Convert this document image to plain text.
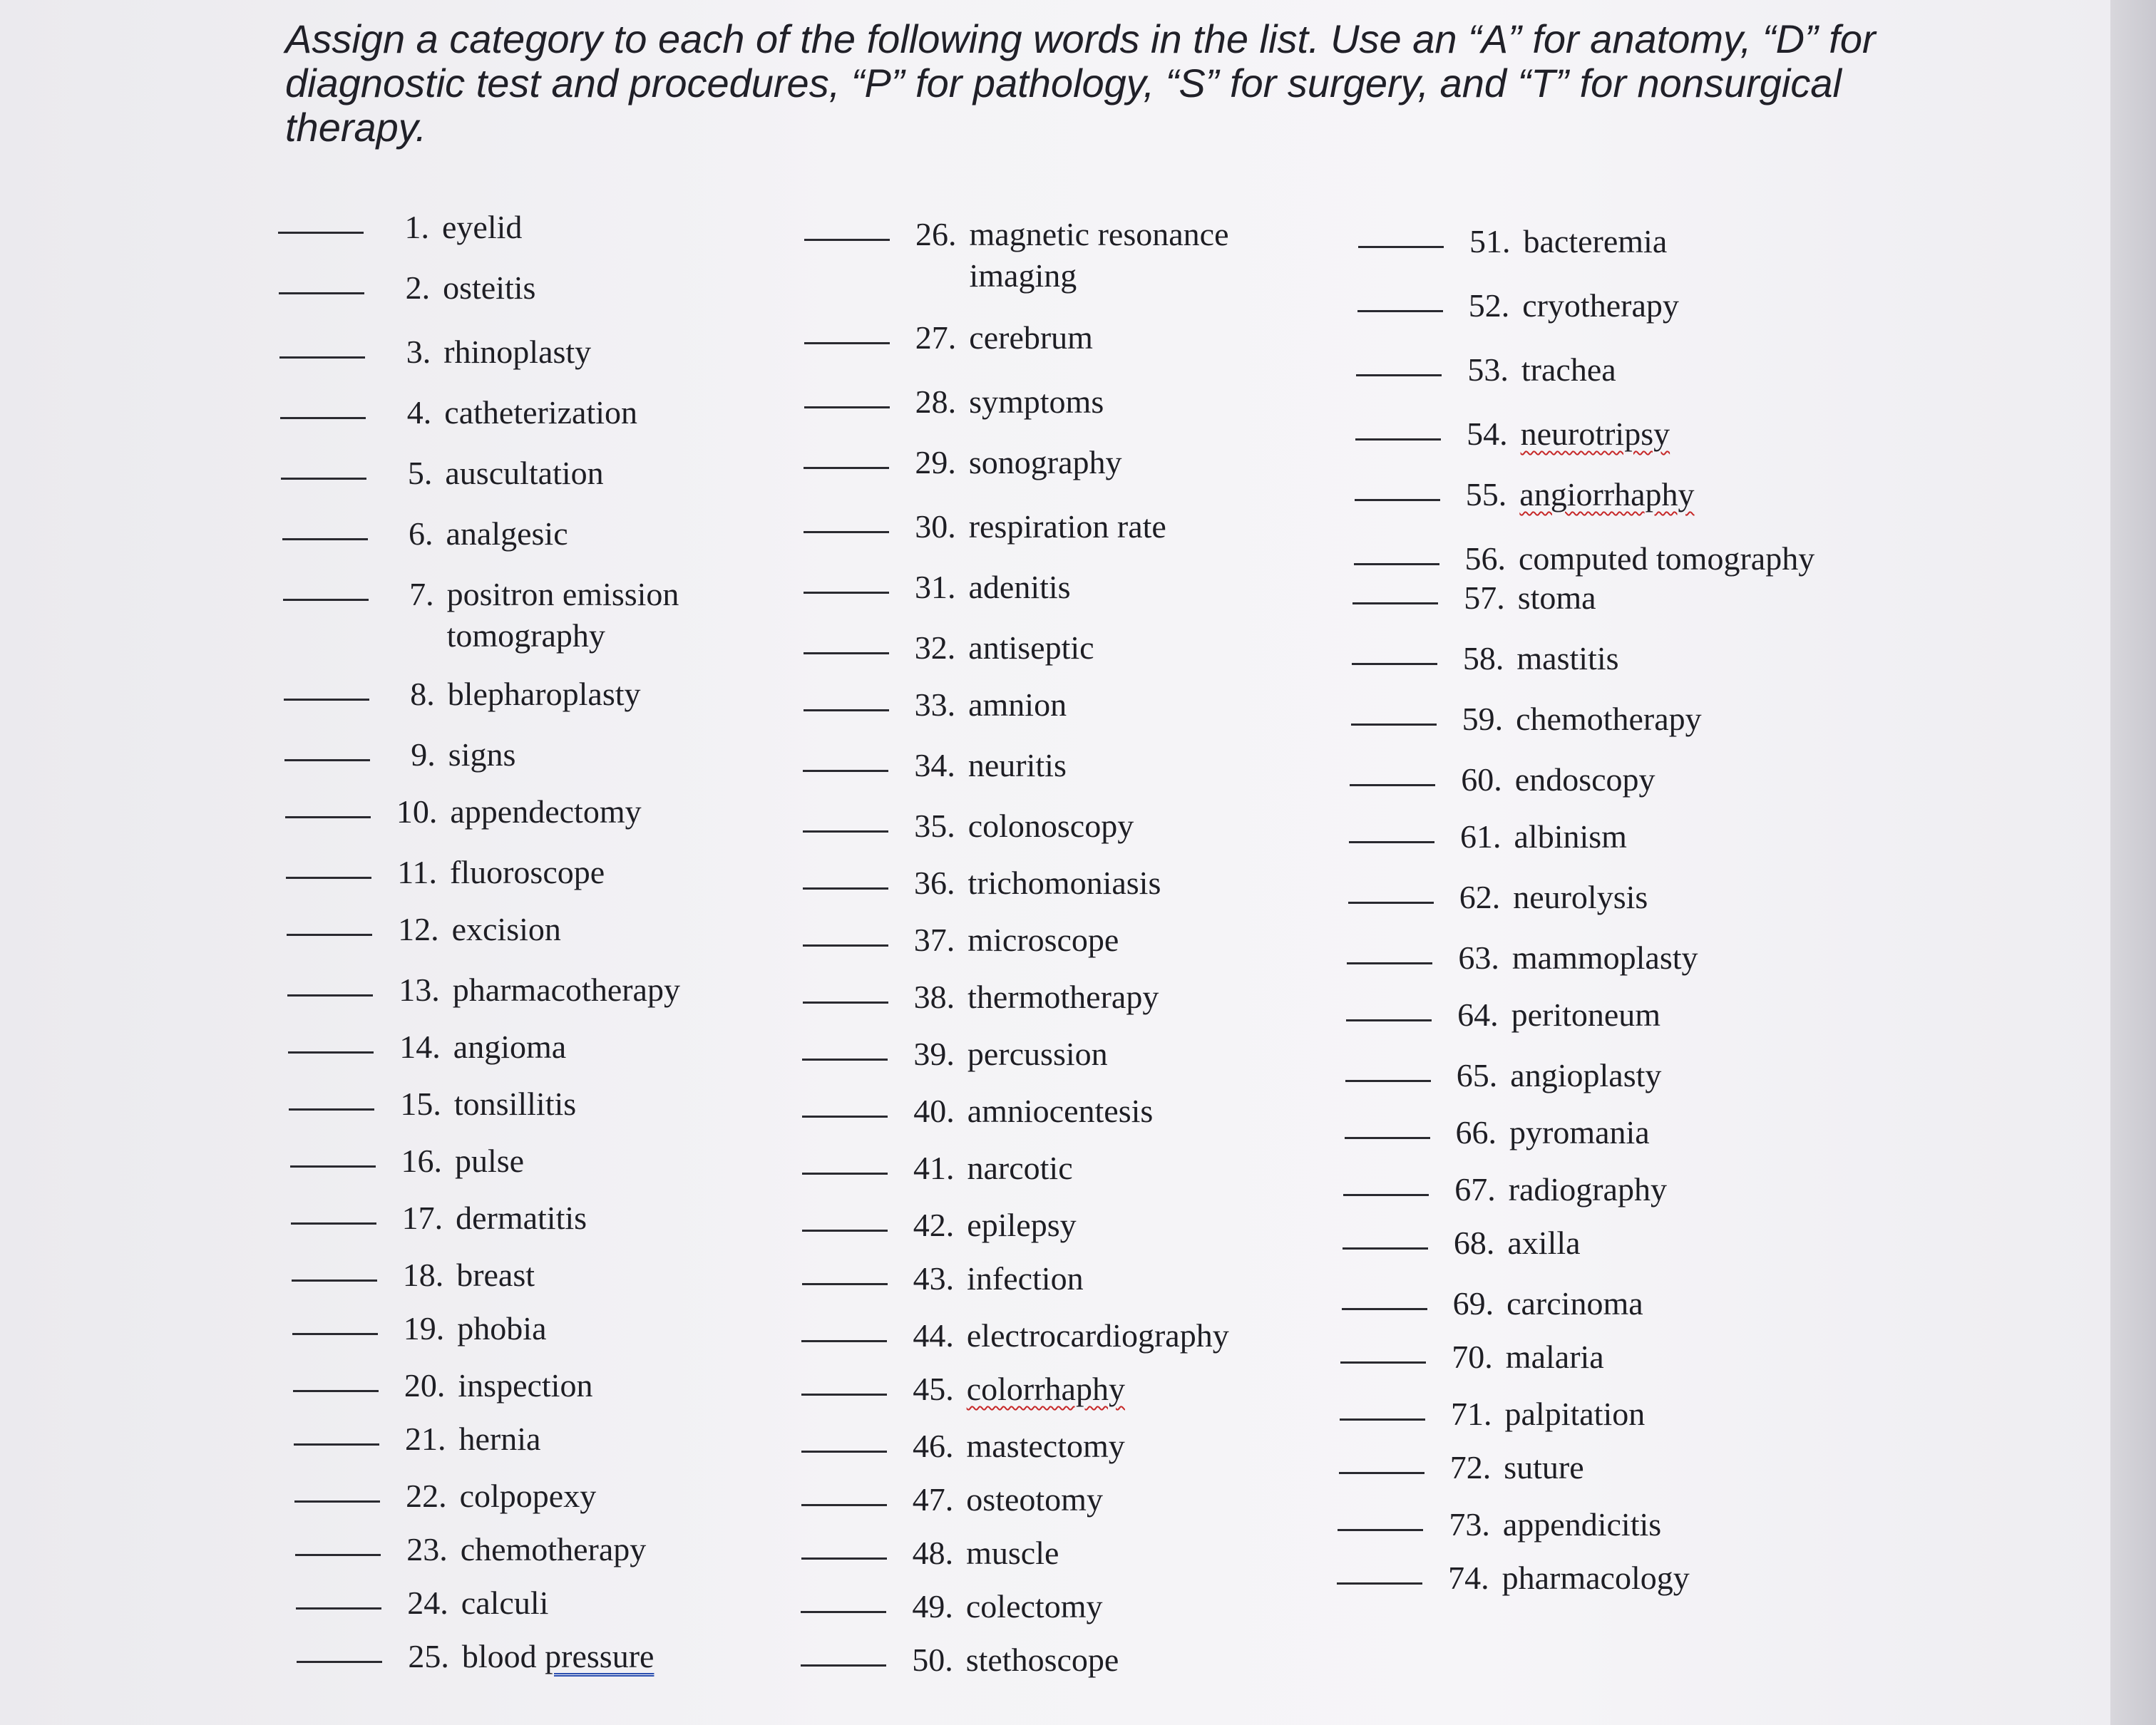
Assign a category to each of the following words in the list. Use an “A” for anatomy, “D” for diagnostic test and procedures, “P” for pathology, “S” for surgery, and “T” for nonsurgical therapy.

1. eyelid
2. osteitis
3. rhinoplasty
4. catheterization
5. auscultation
6. analgesic
7. positron emission tomography
8. blepharoplasty
9. signs
10. appendectomy
11. fluoroscope
12. excision
13. pharmacotherapy
14. angioma
15. tonsillitis
16. pulse
17. dermatitis
18. breast
19. phobia
20. inspection
21. hernia
22. colpopexy
23. chemotherapy
24. calculi
25. blood pressure
26. magnetic resonance imaging
27. cerebrum
28. symptoms
29. sonography
30. respiration rate
31. adenitis
32. antiseptic
33. amnion
34. neuritis
35. colonoscopy
36. trichomoniasis
37. microscope
38. thermotherapy
39. percussion
40. amniocentesis
41. narcotic
42. epilepsy
43. infection
44. electrocardiography
45. colorrhaphy
46. mastectomy
47. osteotomy
48. muscle
49. colectomy
50. stethoscope
51. bacteremia
52. cryotherapy
53. trachea
54. neurotripsy
55. angiorrhaphy
56. computed tomography
57. stoma
58. mastitis
59. chemotherapy
60. endoscopy
61. albinism
62. neurolysis
63. mammoplasty
64. peritoneum
65. angioplasty
66. pyromania
67. radiography
68. axilla
69. carcinoma
70. malaria
71. palpitation
72. suture
73. appendicitis
74. pharmacology
